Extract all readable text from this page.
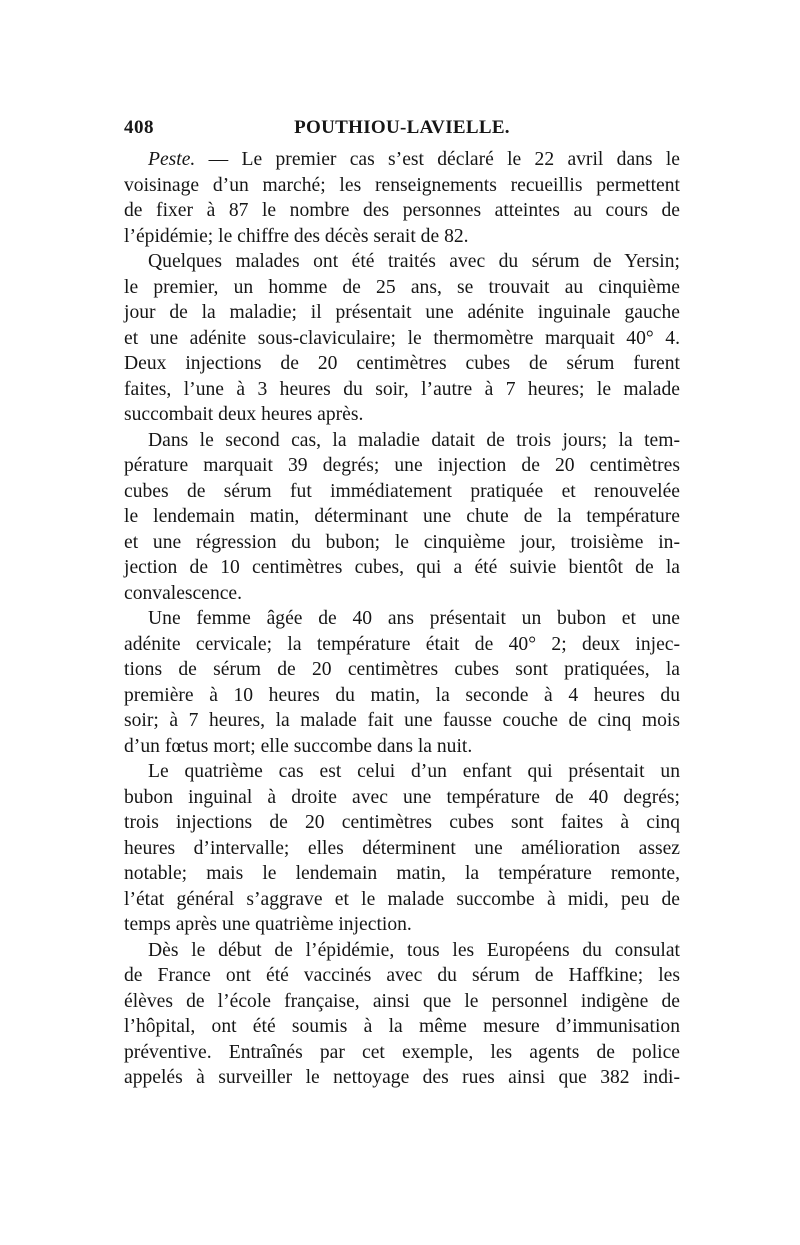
408	POUTHIOU-LAVIELLE.
Peste. — Le premier cas s’est déclaré le 22 avril dans le
voisinage d’un marché; les renseignements recueillis permettent
de fixer à 87 le nombre des personnes atteintes au cours de
l’épidémie; le chiffre des décès serait de 82.
Quelques malades ont été traités avec du sérum de Yersin;
le premier, un homme de 25 ans, se trouvait au cinquième
jour de la maladie; il présentait une adénite inguinale gauche
et une adénite sous-claviculaire; le thermomètre marquait 40° 4.
Deux injections de 20 centimètres cubes de sérum furent
faites, l’une à 3 heures du soir, l’autre à 7 heures; le malade
succombait deux heures après.
Dans le second cas, la maladie datait de trois jours; la tem-
pérature marquait 39 degrés; une injection de 20 centimètres
cubes de sérum fut immédiatement pratiquée et renouvelée
le lendemain matin, déterminant une chute de la température
et une régression du bubon; le cinquième jour, troisième in-
jection de 10 centimètres cubes, qui a été suivie bientôt de la
convalescence.
Une femme âgée de 40 ans présentait un bubon et une
adénite cervicale; la température était de 40° 2; deux injec-
tions de sérum de 20 centimètres cubes sont pratiquées, la
première à 10 heures du matin, la seconde à 4 heures du
soir; à 7 heures, la malade fait une fausse couche de cinq mois
d’un fœtus mort; elle succombe dans la nuit.
Le quatrième cas est celui d’un enfant qui présentait un
bubon inguinal à droite avec une température de 40 degrés;
trois injections de 20 centimètres cubes sont faites à cinq
heures d’intervalle; elles déterminent une amélioration assez
notable; mais le lendemain matin, la température remonte,
l’état général s’aggrave et le malade succombe à midi, peu de
temps après une quatrième injection.
Dès le début de l’épidémie, tous les Européens du consulat
de France ont été vaccinés avec du sérum de Haffkine; les
élèves de l’école française, ainsi que le personnel indigène de
l’hôpital, ont été soumis à la même mesure d’immunisation
préventive. Entraînés par cet exemple, les agents de police
appelés à surveiller le nettoyage des rues ainsi que 382 indi-
